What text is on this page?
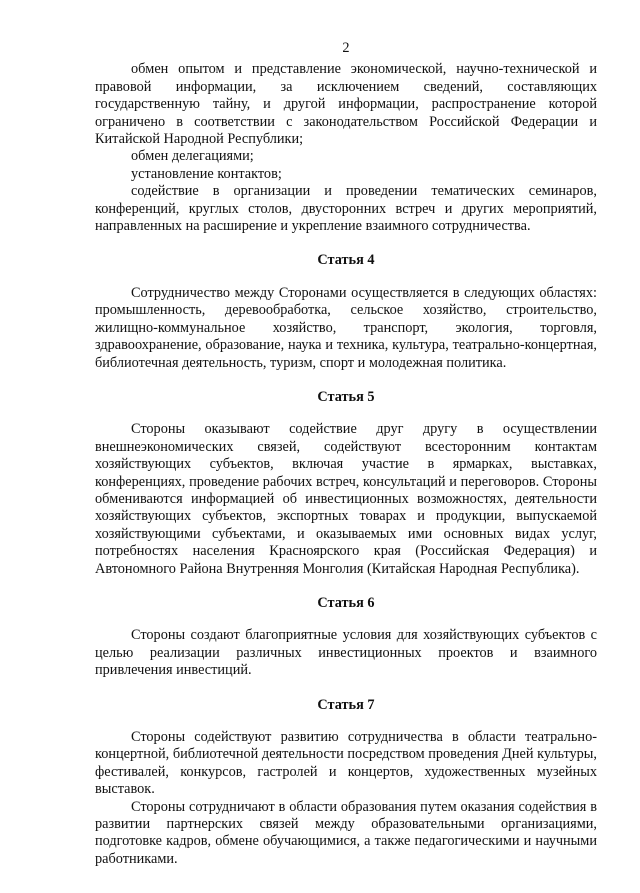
2

обмен опытом и представление экономической, научно-технической и правовой информации, за исключением сведений, составляющих государственную тайну, и другой информации, распространение которой ограничено в соответствии с законодательством Российской Федерации и Китайской Народной Республики;

обмен делегациями;

установление контактов;

содействие в организации и проведении тематических семинаров, конференций, круглых столов, двусторонних встреч и других мероприятий, направленных на расширение и укрепление взаимного сотрудничества.

Статья 4

Сотрудничество между Сторонами осуществляется в следующих областях: промышленность, деревообработка, сельское хозяйство, строительство, жилищно-коммунальное хозяйство, транспорт, экология, торговля, здравоохранение, образование, наука и техника, культура, театрально-концертная, библиотечная деятельность, туризм, спорт и молодежная политика.

Статья 5

Стороны оказывают содействие друг другу в осуществлении внешнеэкономических связей, содействуют всесторонним контактам хозяйствующих субъектов, включая участие в ярмарках, выставках, конференциях, проведение рабочих встреч, консультаций и переговоров. Стороны обмениваются информацией об инвестиционных возможностях, деятельности хозяйствующих субъектов, экспортных товарах и продукции, выпускаемой хозяйствующими субъектами, и оказываемых ими основных видах услуг, потребностях населения Красноярского края (Российская Федерация) и Автономного Района Внутренняя Монголия (Китайская Народная Республика).

Статья 6

Стороны создают благоприятные условия для хозяйствующих субъектов с целью реализации различных инвестиционных проектов и взаимного привлечения инвестиций.

Статья 7

Стороны содействуют развитию сотрудничества в области театрально-концертной, библиотечной деятельности посредством проведения Дней культуры, фестивалей, конкурсов, гастролей и концертов, художественных музейных выставок.

Стороны сотрудничают в области образования путем оказания содействия в развитии партнерских связей между образовательными организациями, подготовке кадров, обмене обучающимися, а также педагогическими и научными работниками.
